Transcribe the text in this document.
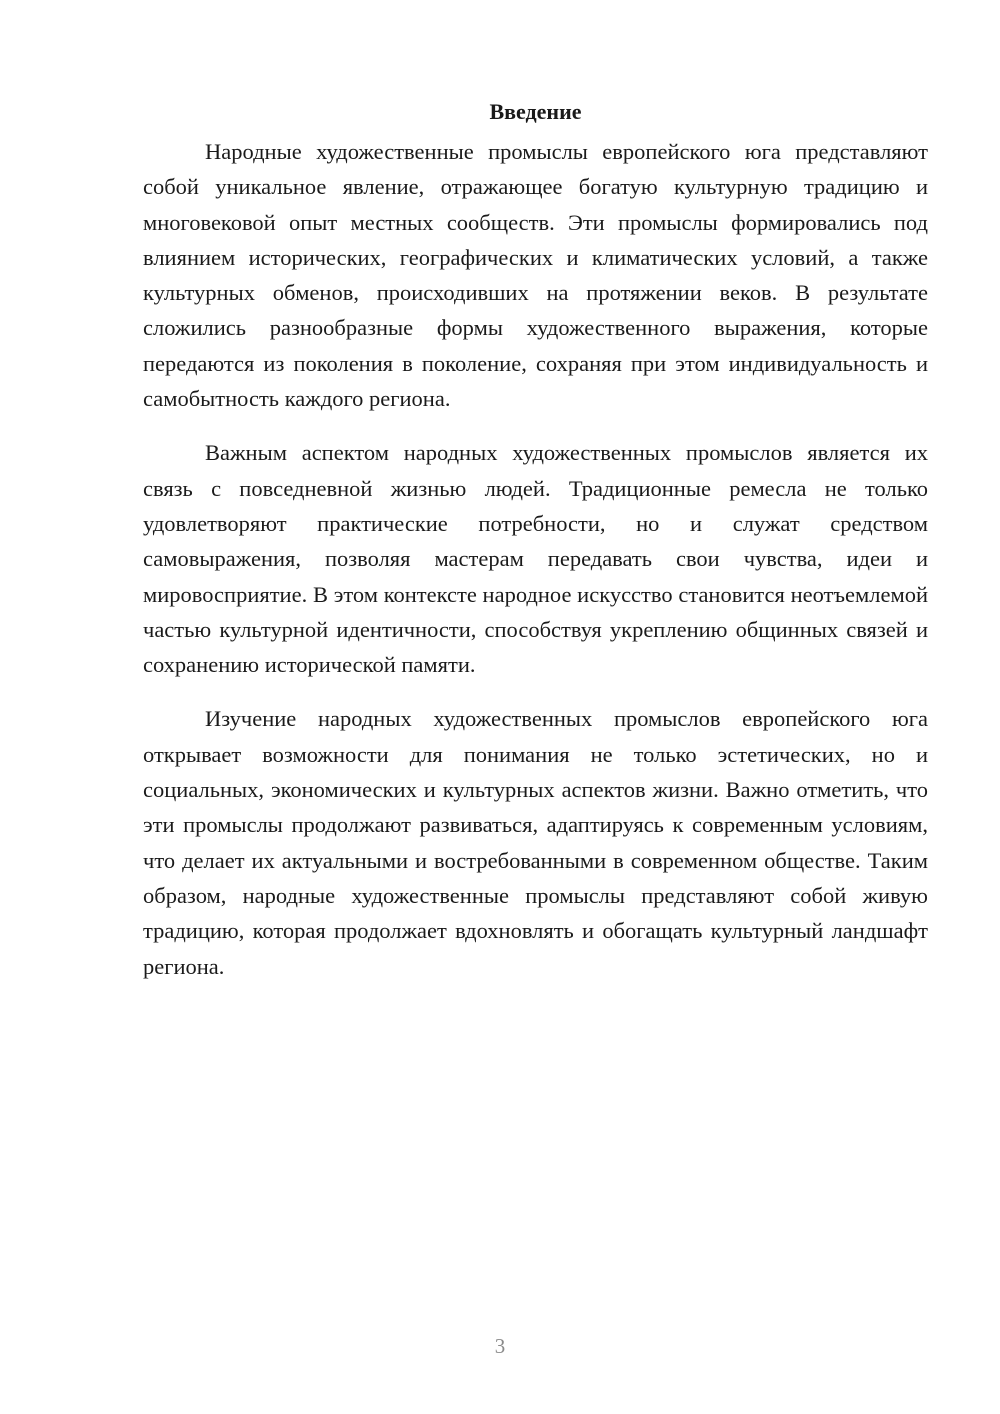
Введение

Народные художественные промыслы европейского юга представляют собой уникальное явление, отражающее богатую культурную традицию и многовековой опыт местных сообществ. Эти промыслы формировались под влиянием исторических, географических и климатических условий, а также культурных обменов, происходивших на протяжении веков. В результате сложились разнообразные формы художественного выражения, которые передаются из поколения в поколение, сохраняя при этом индивидуальность и самобытность каждого региона.

Важным аспектом народных художественных промыслов является их связь с повседневной жизнью людей. Традиционные ремесла не только удовлетворяют практические потребности, но и служат средством самовыражения, позволяя мастерам передавать свои чувства, идеи и мировосприятие. В этом контексте народное искусство становится неотъемлемой частью культурной идентичности, способствуя укреплению общинных связей и сохранению исторической памяти.

Изучение народных художественных промыслов европейского юга открывает возможности для понимания не только эстетических, но и социальных, экономических и культурных аспектов жизни. Важно отметить, что эти промыслы продолжают развиваться, адаптируясь к современным условиям, что делает их актуальными и востребованными в современном обществе. Таким образом, народные художественные промыслы представляют собой живую традицию, которая продолжает вдохновлять и обогащать культурный ландшафт региона.

3
